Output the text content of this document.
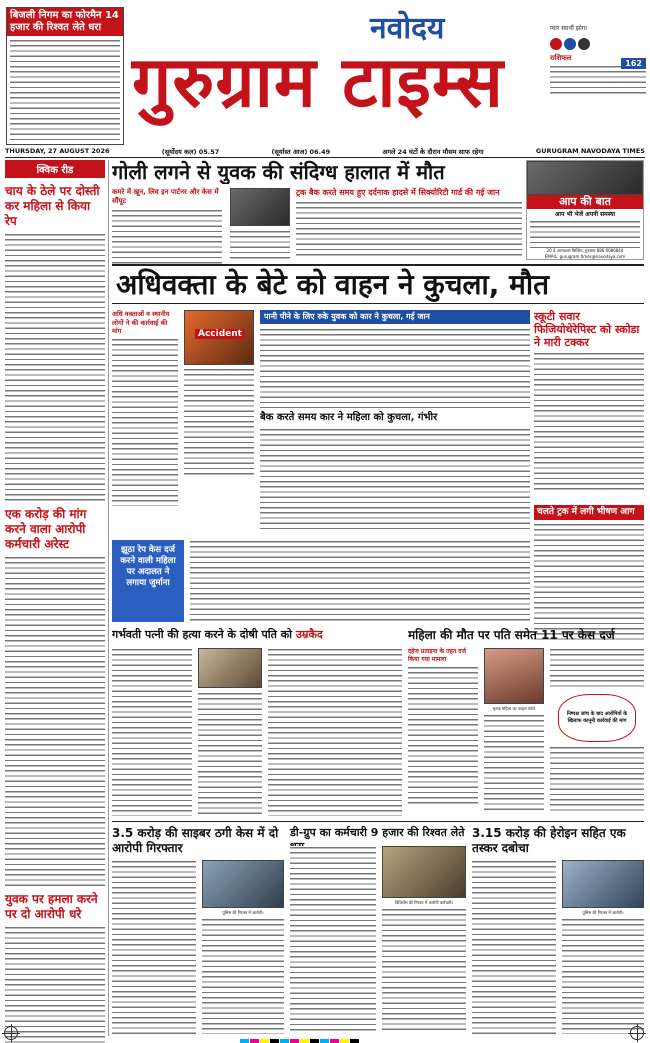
बिजली निगम का फोरमैन 14 हजार की रिश्वत लेते धरा	नवोदय
गुरुग्राम टाइम्स
प्यार स्वार्थी झोगा
162
राशिफल
THURSDAY, 27 AUGUST 2026	(सूर्योदय कल) 05.57	(सूर्यास्त आज) 06.49	अगले 24 घंटों के दौरान मौसम साफ रहेगा	GURUGRAM NAVODAYA TIMES
क्विक रीड
चाय के ठेले पर दोस्ती कर महिला से किया रेप
एक करोड़ की मांग करने वाला आरोपी कर्मचारी अरेस्ट
युवक पर हमला करने पर दो आरोपी धरे
गोली लगने से युवक की संदिग्ध हालात में मौत
कमरे में खून, लिव इन पार्टनर और केस में सौंपूट
ट्रक बैक करते समय हुए दर्दनाक हादसे में सिक्योरिटी गार्ड की गई जान
आप की बात
आप भी भेजें अपनी समस्या
20 4 आणकारा बिल्डिंग, गुरुग्राम 886 0086844
EMAIL: gurugram.times@navodaya.com
अधिवक्ता के बेटे को वाहन ने कुचला, मौत
अधि वक्ताओं व स्थानीय लोगों ने की कार्रवाई की मांग	Accident
पानी पीने के लिए रुके युवक को कार ने कुचला, गई जान
बैक करते समय कार ने महिला को कुचला, गंभीर
स्कूटी सवार फिजियोथेरेपिस्ट को स्कोडा ने मारी टक्कर
चलते ट्रक में लगी भीषण आग
झूठा रेप केस दर्ज करने वाली महिला पर अदालत ने लगाया जुर्माना
गर्भवती पत्नी की हत्या करने के दोषी पति को उम्रकैद	महिला की मौत पर पति समेत 11 पर केस दर्ज
दहेज प्रताड़ना के तहत दर्ज किया गया मामला
मृतक महिला का फाइल फोटो
निष्पक्ष जांच के बाद आरोपियों के खिलाफ कानूनी कार्रवाई की मांग
3.5 करोड़ की साइबर ठगी केस में दो आरोपी गिरफ्तार
पुलिस की गिरफ्त में आरोपी।
डी-ग्रुप का कर्मचारी 9 हजार की रिश्वत लेते
विजिलेंस की गिरफ्त में आरोपी कर्मचारी।
3.15 करोड़ की हेरोइन सहित एक तस्कर दबोचा
पुलिस की गिरफ्त में आरोपी।
